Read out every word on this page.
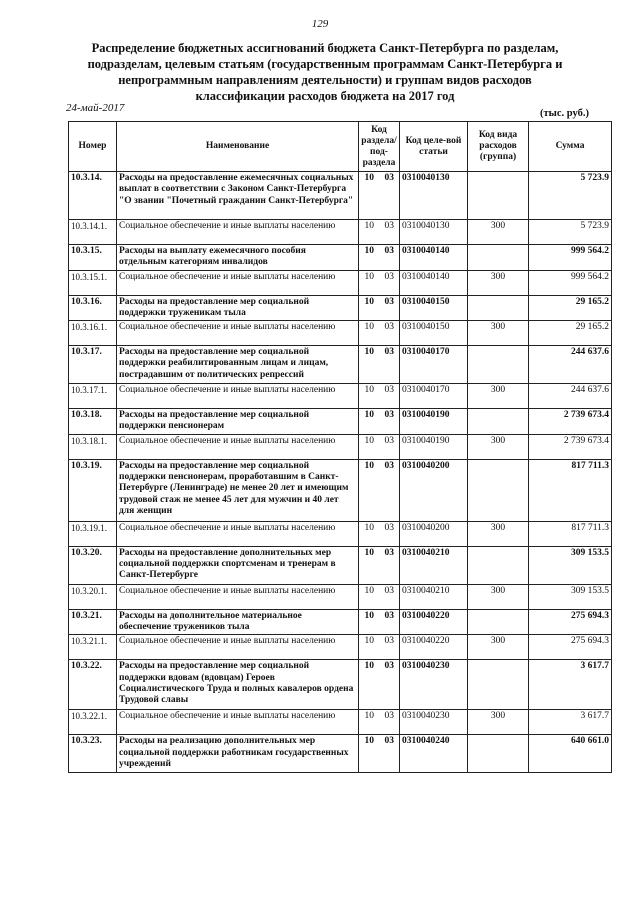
129
Распределение бюджетных ассигнований бюджета Санкт-Петербурга по разделам, подразделам, целевым статьям (государственным программам Санкт-Петербурга и непрограммным направлениям деятельности) и группам видов расходов классификации расходов бюджета на 2017 год
24-май-2017	(тыс. руб.)
Номер	Наименование	Код раздела/ под-раздела		Код целе-вой статьи	Код вида расходов (группа)	Сумма
10.3.14.	Расходы на предоставление ежемесячных социальных выплат в соответствии с Законом Санкт-Петербурга "О звании "Почетный гражданин Санкт-Петербурга"	10	03	0310040130		5 723.9
10.3.14.1.	Социальное обеспечение и иные выплаты населению	10	03	0310040130	300	5 723.9
10.3.15.	Расходы на выплату ежемесячного пособия отдельным категориям инвалидов	10	03	0310040140		999 564.2
10.3.15.1.	Социальное обеспечение и иные выплаты населению	10	03	0310040140	300	999 564.2
10.3.16.	Расходы на предоставление мер социальной поддержки труженикам тыла	10	03	0310040150		29 165.2
10.3.16.1.	Социальное обеспечение и иные выплаты населению	10	03	0310040150	300	29 165.2
10.3.17.	Расходы на предоставление мер социальной поддержки реабилитированным лицам и лицам, пострадавшим от политических репрессий	10	03	0310040170		244 637.6
10.3.17.1.	Социальное обеспечение и иные выплаты населению	10	03	0310040170	300	244 637.6
10.3.18.	Расходы на предоставление мер социальной поддержки пенсионерам	10	03	0310040190		2 739 673.4
10.3.18.1.	Социальное обеспечение и иные выплаты населению	10	03	0310040190	300	2 739 673.4
10.3.19.	Расходы на предоставление мер социальной поддержки пенсионерам, проработавшим в Санкт-Петербурге (Ленинграде) не менее 20 лет и имеющим трудовой стаж не менее 45 лет для мужчин и 40 лет для женщин	10	03	0310040200		817 711.3
10.3.19.1.	Социальное обеспечение и иные выплаты населению	10	03	0310040200	300	817 711.3
10.3.20.	Расходы на предоставление дополнительных мер социальной поддержки спортсменам и тренерам в Санкт-Петербурге	10	03	0310040210		309 153.5
10.3.20.1.	Социальное обеспечение и иные выплаты населению	10	03	0310040210	300	309 153.5
10.3.21.	Расходы на дополнительное материальное обеспечение тружеников тыла	10	03	0310040220		275 694.3
10.3.21.1.	Социальное обеспечение и иные выплаты населению	10	03	0310040220	300	275 694.3
10.3.22.	Расходы на предоставление мер социальной поддержки вдовам (вдовцам) Героев Социалистического Труда и полных кавалеров ордена Трудовой славы	10	03	0310040230		3 617.7
10.3.22.1.	Социальное обеспечение и иные выплаты населению	10	03	0310040230	300	3 617.7
10.3.23.	Расходы на реализацию дополнительных мер социальной поддержки работникам государственных учреждений	10	03	0310040240		640 661.0
